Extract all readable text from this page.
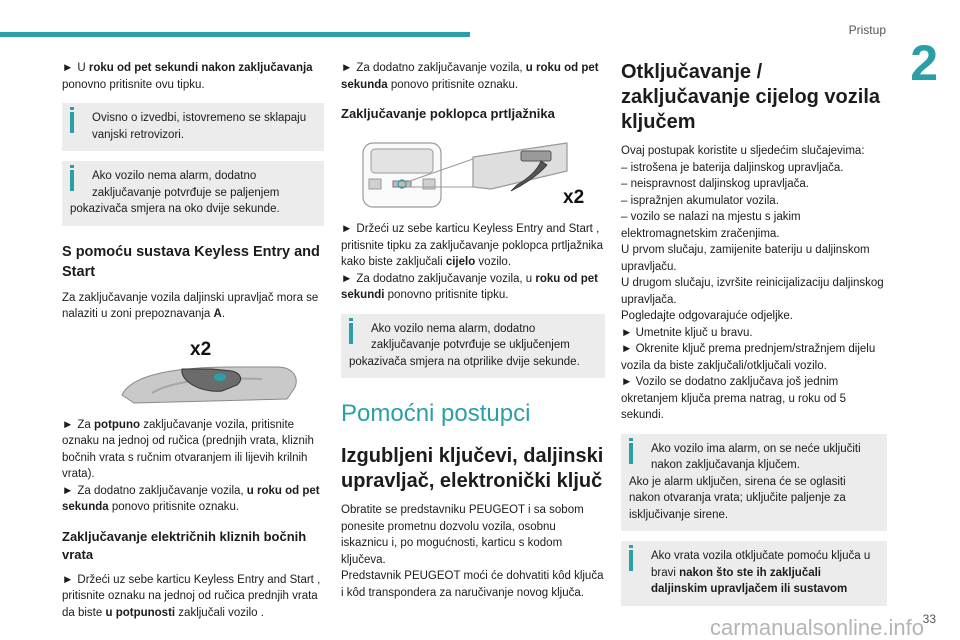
Pristup
2

► U roku od pet sekundi nakon zaključavanja ponovno pritisnite ovu tipku.

Ovisno o izvedbi, istovremeno se sklapaju vanjski retrovizori.
Ako vozilo nema alarm, dodatno zaključavanje potvrđuje se paljenjem
pokazivača smjera na oko dvije sekunde.
S pomoću sustava Keyless Entry and Start

Za zaključavanje vozila daljinski upravljač mora se nalaziti u zoni prepoznavanja A.

x2

► Za potpuno zaključavanje vozila, pritisnite oznaku na jednoj od ručica (prednjih vrata, kliznih bočnih vrata s ručnim otvaranjem ili lijevih krilnih vrata).

► Za dodatno zaključavanje vozila, u roku od pet sekunda ponovo pritisnite oznaku.

Zaključavanje električnih kliznih bočnih vrata

► Držeći uz sebe karticu Keyless Entry and Start , pritisnite oznaku na jednoj od ručica prednjih vrata da biste u potpunosti zaključali vozilo .

► Za dodatno zaključavanje vozila, u roku od pet sekunda ponovo pritisnite oznaku.

Zaključavanje poklopca prtljažnika
x2

► Držeći uz sebe karticu Keyless Entry and Start , pritisnite tipku za zaključavanje poklopca prtljažnika kako biste zaključali cijelo vozilo.

► Za dodatno zaključavanje vozila, u roku od pet sekundi ponovno pritisnite tipku.

Ako vozilo nema alarm, dodatno zaključavanje potvrđuje se uključenjem
pokazivača smjera na otprilike dvije sekunde.
Pomoćni postupci
Izgubljeni ključevi, daljinski upravljač, elektronički ključ

Obratite se predstavniku PEUGEOT i sa sobom ponesite prometnu dozvolu vozila, osobnu iskaznicu i, po mogućnosti, karticu s kodom ključeva.

Predstavnik PEUGEOT moći će dohvatiti kôd ključa i kôd transpondera za naručivanje novog ključa.

Otključavanje / zaključavanje cijelog vozila ključem

Ovaj postupak koristite u sljedećim slučajevima:

– istrošena je baterija daljinskog upravljača.

– neispravnost daljinskog upravljača.

– ispražnjen akumulator vozila.

– vozilo se nalazi na mjestu s jakim elektromagnetskim zračenjima.

U prvom slučaju, zamijenite bateriju u daljinskom upravljaču.

U drugom slučaju, izvršite reinicijalizaciju daljinskog upravljača.

Pogledajte odgovarajuće odjeljke.

► Umetnite ključ u bravu.

► Okrenite ključ prema prednjem/stražnjem dijelu vozila da biste zaključali/otključali vozilo.

► Vozilo se dodatno zaključava još jednim okretanjem ključa prema natrag, u roku od 5 sekundi.

Ako vozilo ima alarm, on se neće uključiti nakon zaključavanja ključem.
Ako je alarm uključen, sirena će se oglasiti nakon otvaranja vrata; uključite paljenje za isključivanje sirene.
Ako vrata vozila otključate pomoću ključa u bravi nakon što ste ih zaključali daljinskim upravljačem ili sustavom
carmanualsonline.info
33
